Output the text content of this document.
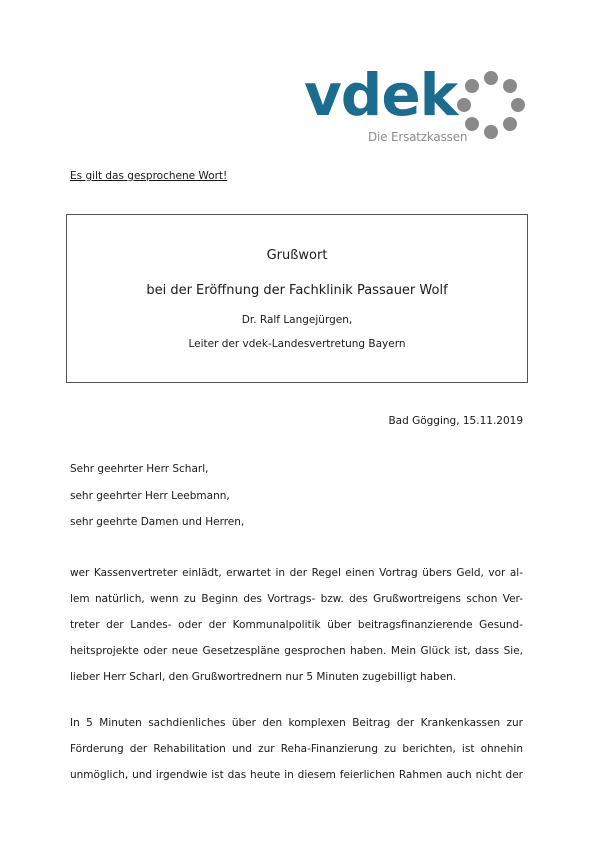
vdek
Die Ersatzkassen
Es gilt das gesprochene Wort!
Grußwort
bei der Eröffnung der Fachklinik Passauer Wolf
Dr. Ralf Langejürgen,
Leiter der vdek-Landesvertretung Bayern
Bad Gögging, 15.11.2019
Sehr geehrter Herr Scharl,
sehr geehrter Herr Leebmann,
sehr geehrte Damen und Herren,
wer Kassenvertreter einlädt, erwartet in der Regel einen Vortrag übers Geld, vor al-
lem natürlich, wenn zu Beginn des Vortrags- bzw. des Grußwortreigens schon Ver-
treter der Landes- oder der Kommunalpolitik über beitragsfinanzierende Gesund-
heitsprojekte oder neue Gesetzespläne gesprochen haben. Mein Glück ist, dass Sie,
lieber Herr Scharl, den Grußwortrednern nur 5 Minuten zugebilligt haben.
In 5 Minuten sachdienliches über den komplexen Beitrag der Krankenkassen zur
Förderung der Rehabilitation und zur Reha-Finanzierung zu berichten, ist ohnehin
unmöglich, und irgendwie ist das heute in diesem feierlichen Rahmen auch nicht der
